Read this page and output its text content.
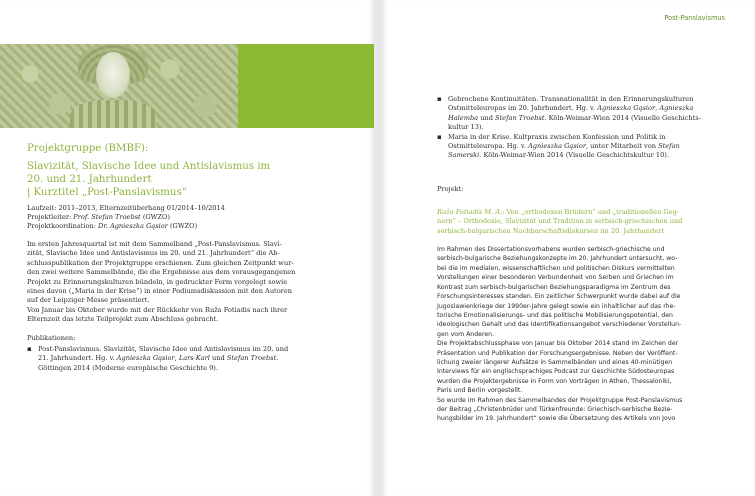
Projektgruppe (BMBF):
Slavizität, Slavische Idee und Antislavismus im
20. und 21. Jahrhundert
| Kurztitel „Post-Panslavismus“
Laufzeit: 2011–2013, Elternzeitüberhang 01/2014–10/2014
Projektleiter: Prof. Stefan Troebst (GWZO)
Projektkoordination: Dr. Agnieszka Gąsior (GWZO)

Im ersten Jahresquartal ist mit dem Sammelband „Post-Panslavismus. Slavi-

zität, Slavische Idee und Antislavismus im 20. und 21. Jahrhundert“ die Ab-

schlusspublikation der Projektgruppe erschienen. Zum gleichen Zeitpunkt wur-

den zwei weitere Sammelbände, die die Ergebnisse aus dem vorausgegangenen

Projekt zu Erinnerungskulturen bündeln, in gedruckter Form vorgelegt sowie

eines davon („Maria in der Krise“) in einer Podiumsdiskussion mit den Autoren

auf der Leipziger Messe präsentiert.

Von Januar bis Oktober wurde mit der Rückkehr von Ruža Fotiadis nach ihrer

Elternzeit das letzte Teilprojekt zum Abschluss gebracht.

Publikationen:

▪ Post-Panslavismus. Slavizität, Slavische Idee und Antislavismus im 20. und
21. Jahrhundert. Hg. v. Agnieszka Gąsior, Lars Karl und Stefan Troebst.
Göttingen 2014 (Moderne europäische Geschichte 9).
Post-Panslavismus
▪ Gebrochene Kontinuitäten. Transnationalität in den Erinnerungskulturen
Ostmitteleuropas im 20. Jahrhundert. Hg. v. Agnieszka Gąsior, Agnieszka
Halemba und Stefan Troebst. Köln-Weimar-Wien 2014 (Visuelle Geschichts-
kultur 13).
▪ Maria in der Krise. Kultpraxis zwischen Konfession und Politik in
Ostmitteleuropa. Hg. v. Agnieszka Gąsior, unter Mitarbeit von Stefan
Samerski. Köln-Weimar-Wien 2014 (Visuelle Geschichtskultur 10).

Projekt:

Ruža Fotiadis M. A.: Von „orthodoxen Brüdern“ und „traditionellen Geg-
nern“ – Orthodoxie, Slavizität und Tradition in serbisch-griechischen und
serbisch-bulgarischen Nachbarschaftsdiskursen im 20. Jahrhundert

Im Rahmen des Dissertationsvorhabens wurden serbisch-griechische und

serbisch-bulgarische Beziehungskonzepte im 20. Jahrhundert untersucht, wo-

bei die im medialen, wissenschaftlichen und politischen Diskurs vermittelten

Vorstellungen einer besonderen Verbundenheit von Serben und Griechen im

Kontrast zum serbisch-bulgarischen Beziehungsparadigma im Zentrum des

Forschungsinteresses standen. Ein zeitlicher Schwerpunkt wurde dabei auf die

Jugoslawienkriege der 1990er-Jahre gelegt sowie ein inhaltlicher auf das rhe-

torische Emotionalisierungs- und das politische Mobilisierungspotential, den

ideologischen Gehalt und das Identifikationsangebot verschiedener Vorstellun-

gen vom Anderen.

Die Projektabschlussphase von Januar bis Oktober 2014 stand im Zeichen der

Präsentation und Publikation der Forschungsergebnisse. Neben der Veröffent-

lichung zweier längerer Aufsätze in Sammelbänden und eines 40-minütigen

Interviews für ein englischsprachiges Podcast zur Geschichte Südosteuropas

wurden die Projektergebnisse in Form von Vorträgen in Athen, Thessaloniki,

Paris und Berlin vorgestellt.

So wurde im Rahmen des Sammelbandes der Projektgruppe Post-Panslavismus

der Beitrag „Christenbrüder und Türkenfreunde: Griechisch-serbische Bezie-

hungsbilder im 19. Jahrhundert“ sowie die Übersetzung des Artikels von Jovo
